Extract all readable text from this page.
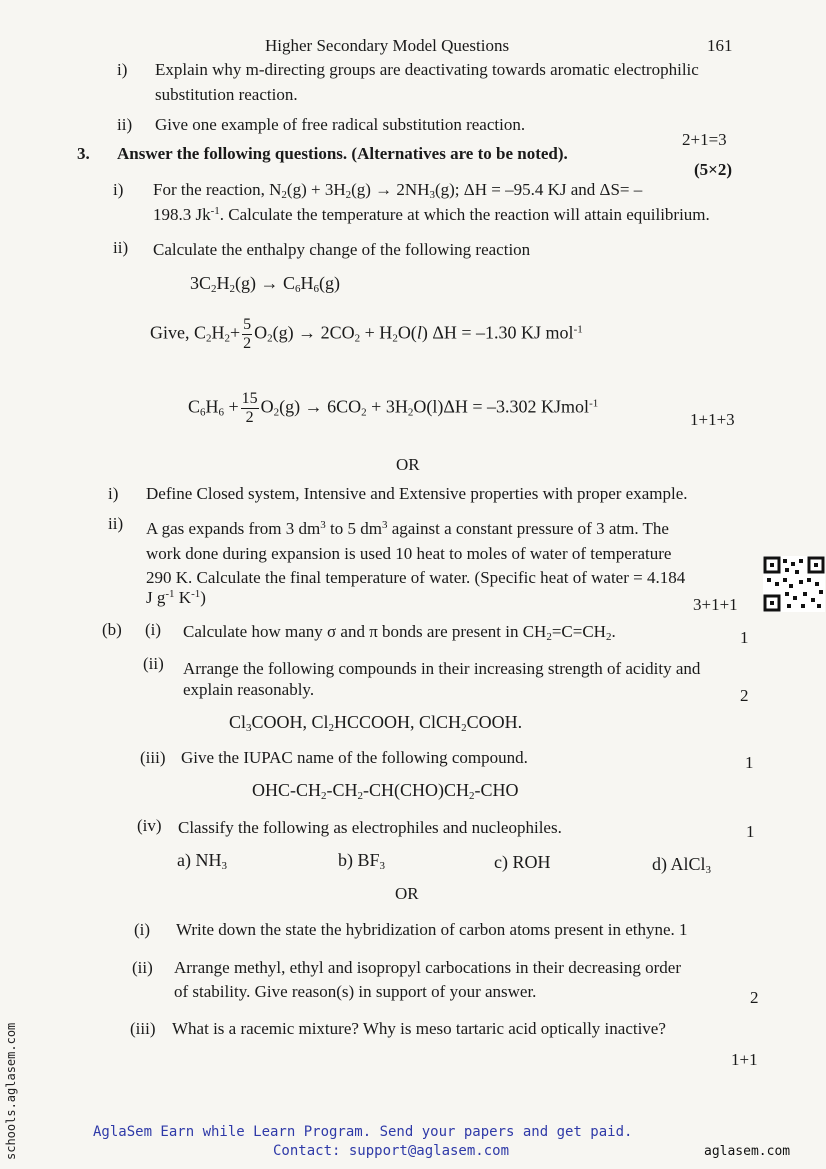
Higher Secondary Model Questions	161
i) Explain why m-directing groups are deactivating towards aromatic electrophilic
substitution reaction.
ii) Give one example of free radical substitution reaction.
2+1=3
3. Answer the following questions. (Alternatives are to be noted).
(5×2)
i) For the reaction, $N_2(g) + 3H_2(g) \to 2NH_3(g)$; ΔH = –95.4 KJ and ΔS= –
198.3 $Jk^{-1}$. Calculate the temperature at which the reaction will attain equilibrium.
ii) Calculate the enthalpy change of the following reaction
$3C_2H_2(g) \to C_6H_6(g)$
Give, $C_2H_2+ \frac{5}{2} O_2(g) \to 2CO_2 + H_2O(l) \Delta H = -1.30$ KJ mol$^{-1}$
$C_6H_6 + \frac{15}{2} O_2(g) \to 6CO_2 + 3H_2O(l)\Delta H = -3.302$ KJmol$^{-1}$
1+1+3
OR
i) Define Closed system, Intensive and Extensive properties with proper example.
ii) A gas expands from 3 $dm^3$ to 5 $dm^3$ against a constant pressure of 3 atm. The
work done during expansion is used 10 heat to moles of water of temperature
290 K. Calculate the final temperature of water. (Specific heat of water = 4.184
J $g^{-1}$ $K^{-1}$)	3+1+1
(b) (i) Calculate how many σ and π bonds are present in $CH_2=C=CH_2$.	1
(ii) Arrange the following compounds in their increasing strength of acidity and
explain reasonably.	2
$Cl_3COOH$, $Cl_2HCCOOH$, ClCH$_2$COOH.
(iii) Give the IUPAC name of the following compound.	1
OHC-$CH_2-CH_2-CH(CHO)CH_2$-CHO
(iv) Classify the following as electrophiles and nucleophiles.	1
a) $NH_3$	b) $BF_3$	c) ROH	d) AlCl$_3$
OR
(i) Write down the state the hybridization of carbon atoms present in ethyne. 1
(ii) Arrange methyl, ethyl and isopropyl carbocations in their decreasing order
of stability. Give reason(s) in support of your answer.	2
(iii) What is a racemic mixture? Why is meso tartaric acid optically inactive?
1+1
schools.aglasem.com	AglaSem Earn while Learn Program. Send your papers and get paid.
Contact: support@aglasem.com	aglasem.com
